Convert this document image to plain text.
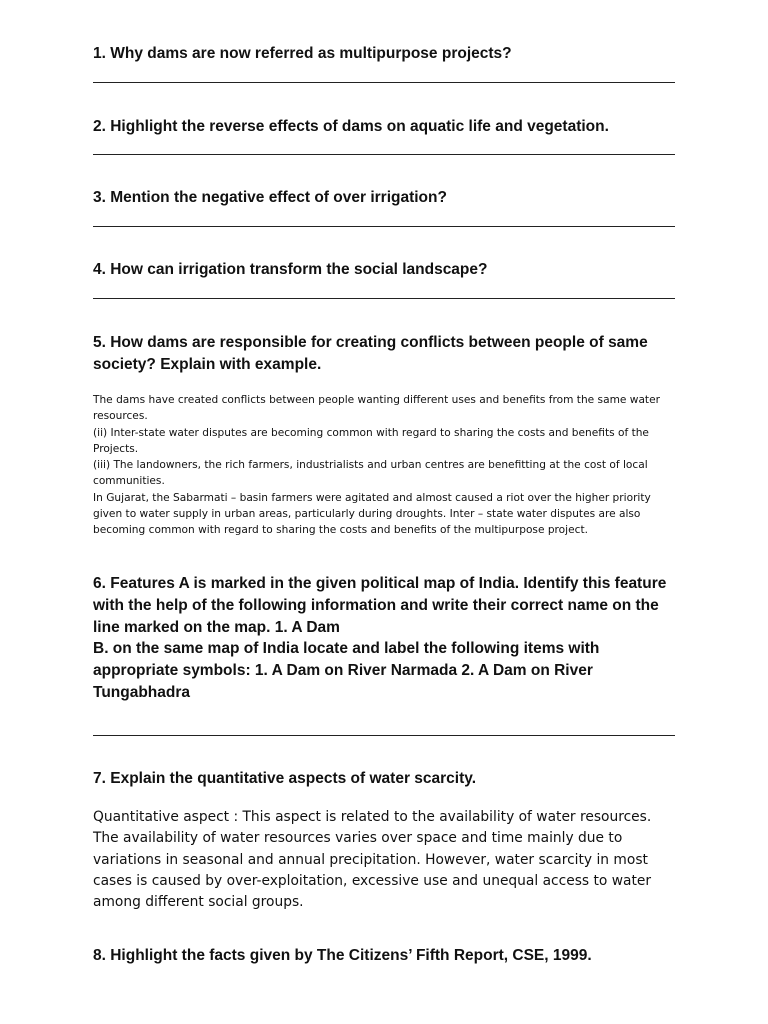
1. Why dams are now referred as multipurpose projects?

2. Highlight the reverse effects of dams on aquatic life and vegetation.

3. Mention the negative effect of over irrigation?

4. How can irrigation transform the social landscape?

5. How dams are responsible for creating conflicts between people of same society? Explain with example.

The dams have created conflicts between people wanting different uses and benefits from the same water resources.

(ii) Inter-state water disputes are becoming common with regard to sharing the costs and benefits of the Projects.

(iii) The landowners, the rich farmers, industrialists and urban centres are benefitting at the cost of local communities.

In Gujarat, the Sabarmati – basin farmers were agitated and almost caused a riot over the higher priority given to water supply in urban areas, particularly during droughts. Inter – state water disputes are also becoming common with regard to sharing the costs and benefits of the multipurpose project.

6. Features A is marked in the given political map of India. Identify this feature with the help of the following information and write their correct name on the line marked on the map. 1. A Dam

B. on the same map of India locate and label the following items with appropriate symbols: 1. A Dam on River Narmada 2. A Dam on River Tungabhadra

7. Explain the quantitative aspects of water scarcity.

Quantitative aspect : This aspect is related to the availability of water resources. The availability of water resources varies over space and time mainly due to variations in seasonal and annual precipitation. However, water scarcity in most cases is caused by over-exploitation, excessive use and unequal access to water among different social groups.

8. Highlight the facts given by The Citizens’ Fifth Report, CSE, 1999.
